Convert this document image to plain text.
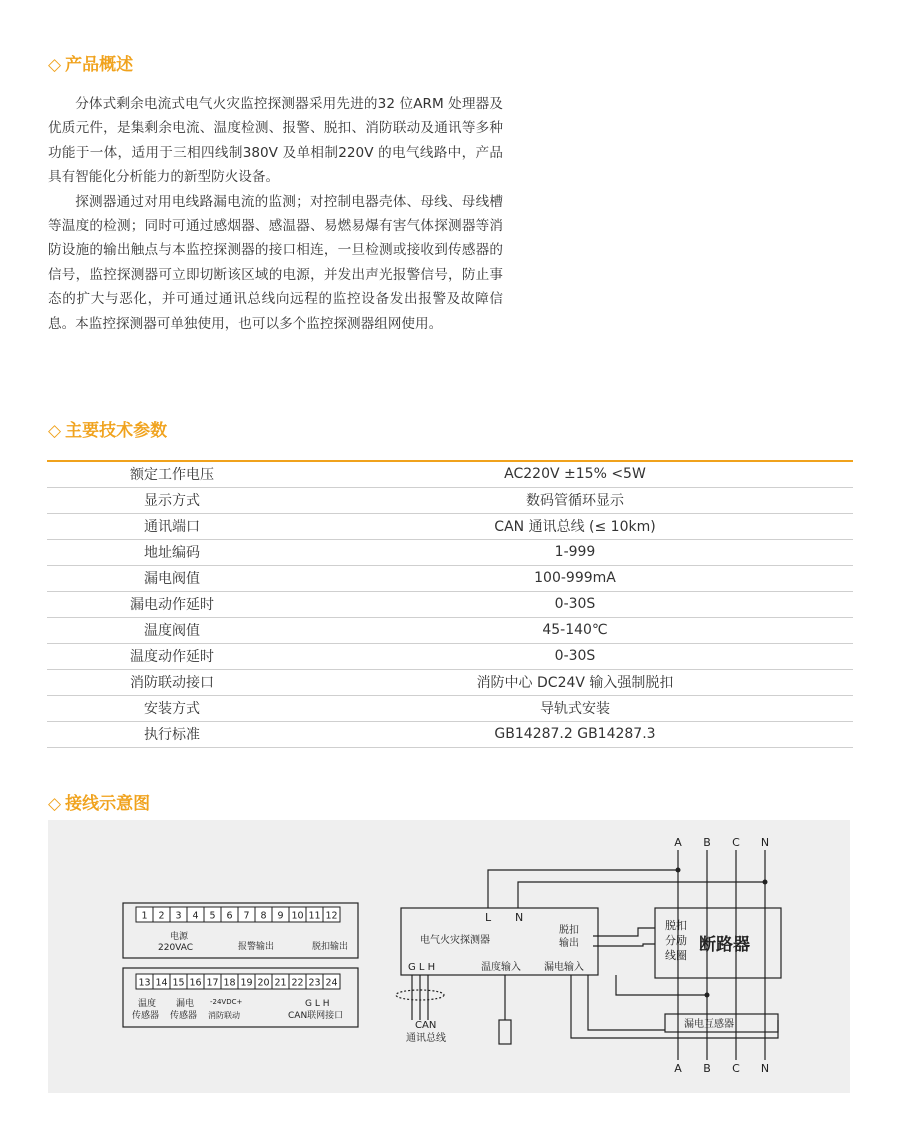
◇ 产品概述

分体式剩余电流式电气火灾监控探测器采用先进的32 位ARM 处理器及优质元件，是集剩余电流、温度检测、报警、脱扣、消防联动及通讯等多种功能于一体，适用于三相四线制380V 及单相制220V 的电气线路中，产品具有智能化分析能力的新型防火设备。

探测器通过对用电线路漏电流的监测；对控制电器壳体、母线、母线槽等温度的检测；同时可通过感烟器、感温器、易燃易爆有害气体探测器等消防设施的输出触点与本监控探测器的接口相连，一旦检测或接收到传感器的信号，监控探测器可立即切断该区域的电源，并发出声光报警信号，防止事态的扩大与恶化，并可通过通讯总线向远程的监控设备发出报警及故障信息。本监控探测器可单独使用，也可以多个监控探测器组网使用。

◇ 主要技术参数
额定工作电压	AC220V ±15% <5W
显示方式	数码管循环显示
通讯端口	CAN 通讯总线 (≤ 10km)
地址编码	1-999
漏电阀值	100-999mA
漏电动作延时	0-30S
温度阀值	45-140℃
温度动作延时	0-30S
消防联动接口	消防中心 DC24V 输入强制脱扣
安装方式	导轨式安装
执行标准	GB14287.2 GB14287.3
◇ 接线示意图
1 2 3 4 5 6 7 8 9 10 11 12
13 14 15 16 17 18 19 20 21 22 23 24
电源
220VAC	报警输出	脱扣输出
温度
传感器
漏电
传感器
-24VDC+
消防联动
G L H
CAN联网接口
A B C N
A B C N
L N
电气火灾探测器
脱扣
输出
G L H	温度输入 漏电输入
脱扣
分励
线圈
断路器
漏电互感器
CAN
通讯总线
